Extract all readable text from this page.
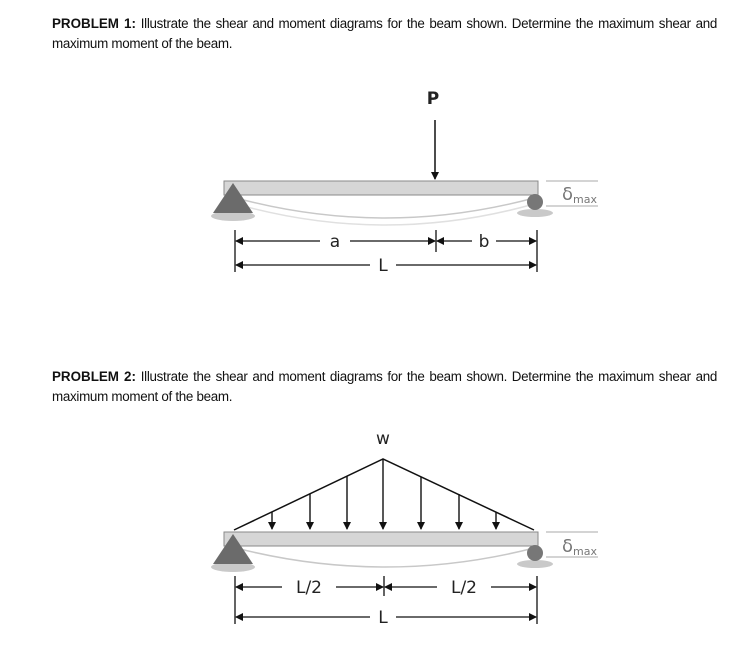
PROBLEM 1: Illustrate the shear and moment diagrams for the beam shown. Determine the maximum shear and maximum moment of the beam.
P
δmax
a	b
L
PROBLEM 2: Illustrate the shear and moment diagrams for the beam shown. Determine the maximum shear and maximum moment of the beam.
w
δmax
L/2	L/2
L
